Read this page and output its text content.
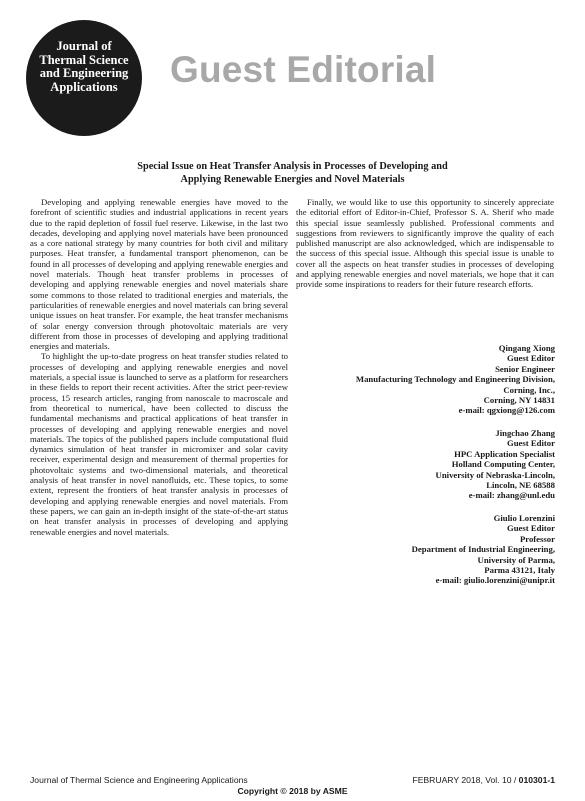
Journal of
Thermal Science
and Engineering
Applications	Guest Editorial
Special Issue on Heat Transfer Analysis in Processes of Developing and
Applying Renewable Energies and Novel Materials

Developing and applying renewable energies have moved to the forefront of scientific studies and industrial applications in recent years due to the rapid depletion of fossil fuel reserve. Likewise, in the last two decades, developing and applying novel materials have been pronounced as a core national strategy by many countries for both civil and military purposes. Heat transfer, a fundamental transport phenomenon, can be found in all processes of developing and applying renewable energies and novel materials. Though heat transfer problems in processes of developing and applying renewable energies and novel materials share some commons to those related to traditional energies and materials, the particularities of renewable energies and novel materials can bring several unique issues on heat transfer. For example, the heat transfer mechanisms of solar energy conversion through photovoltaic materials are very different from those in processes of developing and applying traditional energies and materials.

To highlight the up-to-date progress on heat transfer studies related to processes of developing and applying renewable energies and novel materials, a special issue is launched to serve as a platform for researchers in these fields to report their recent activities. After the strict peer-review process, 15 research articles, ranging from nanoscale to macroscale and from theoretical to numerical, have been collected to discuss the fundamental mechanisms and practical applications of heat transfer in processes of developing and applying renewable energies and novel materials. The topics of the published papers include computational fluid dynamics simulation of heat transfer in micromixer and solar cavity receiver, experimental design and measurement of thermal properties for photovoltaic systems and two-dimensional materials, and theoretical analysis of heat transfer in novel nanofluids, etc. These topics, to some extent, represent the frontiers of heat transfer analysis in processes of developing and applying renewable energies and novel materials. From these papers, we can gain an in-depth insight of the state-of-the-art status on heat transfer analysis in processes of developing and applying renewable energies and novel materials.

Finally, we would like to use this opportunity to sincerely appreciate the editorial effort of Editor-in-Chief, Professor S. A. Sherif who made this special issue seamlessly published. Professional comments and suggestions from reviewers to significantly improve the quality of each published manuscript are also acknowledged, which are indispensable to the success of this special issue. Although this special issue is unable to cover all the aspects on heat transfer studies in processes of developing and applying renewable energies and novel materials, we hope that it can provide some inspirations to readers for their future research efforts.

Qingang Xiong
Guest Editor
Senior Engineer
Manufacturing Technology and Engineering Division,
Corning, Inc.,
Corning, NY 14831
e-mail: qgxiong@126.com
Jingchao Zhang
Guest Editor
HPC Application Specialist
Holland Computing Center,
University of Nebraska-Lincoln,
Lincoln, NE 68588
e-mail: zhang@unl.edu
Giulio Lorenzini
Guest Editor
Professor
Department of Industrial Engineering,
University of Parma,
Parma 43121, Italy
e-mail: giulio.lorenzini@unipr.it
Journal of Thermal Science and Engineering Applications	FEBRUARY 2018, Vol. 10 / 010301-1
Copyright © 2018 by ASME
